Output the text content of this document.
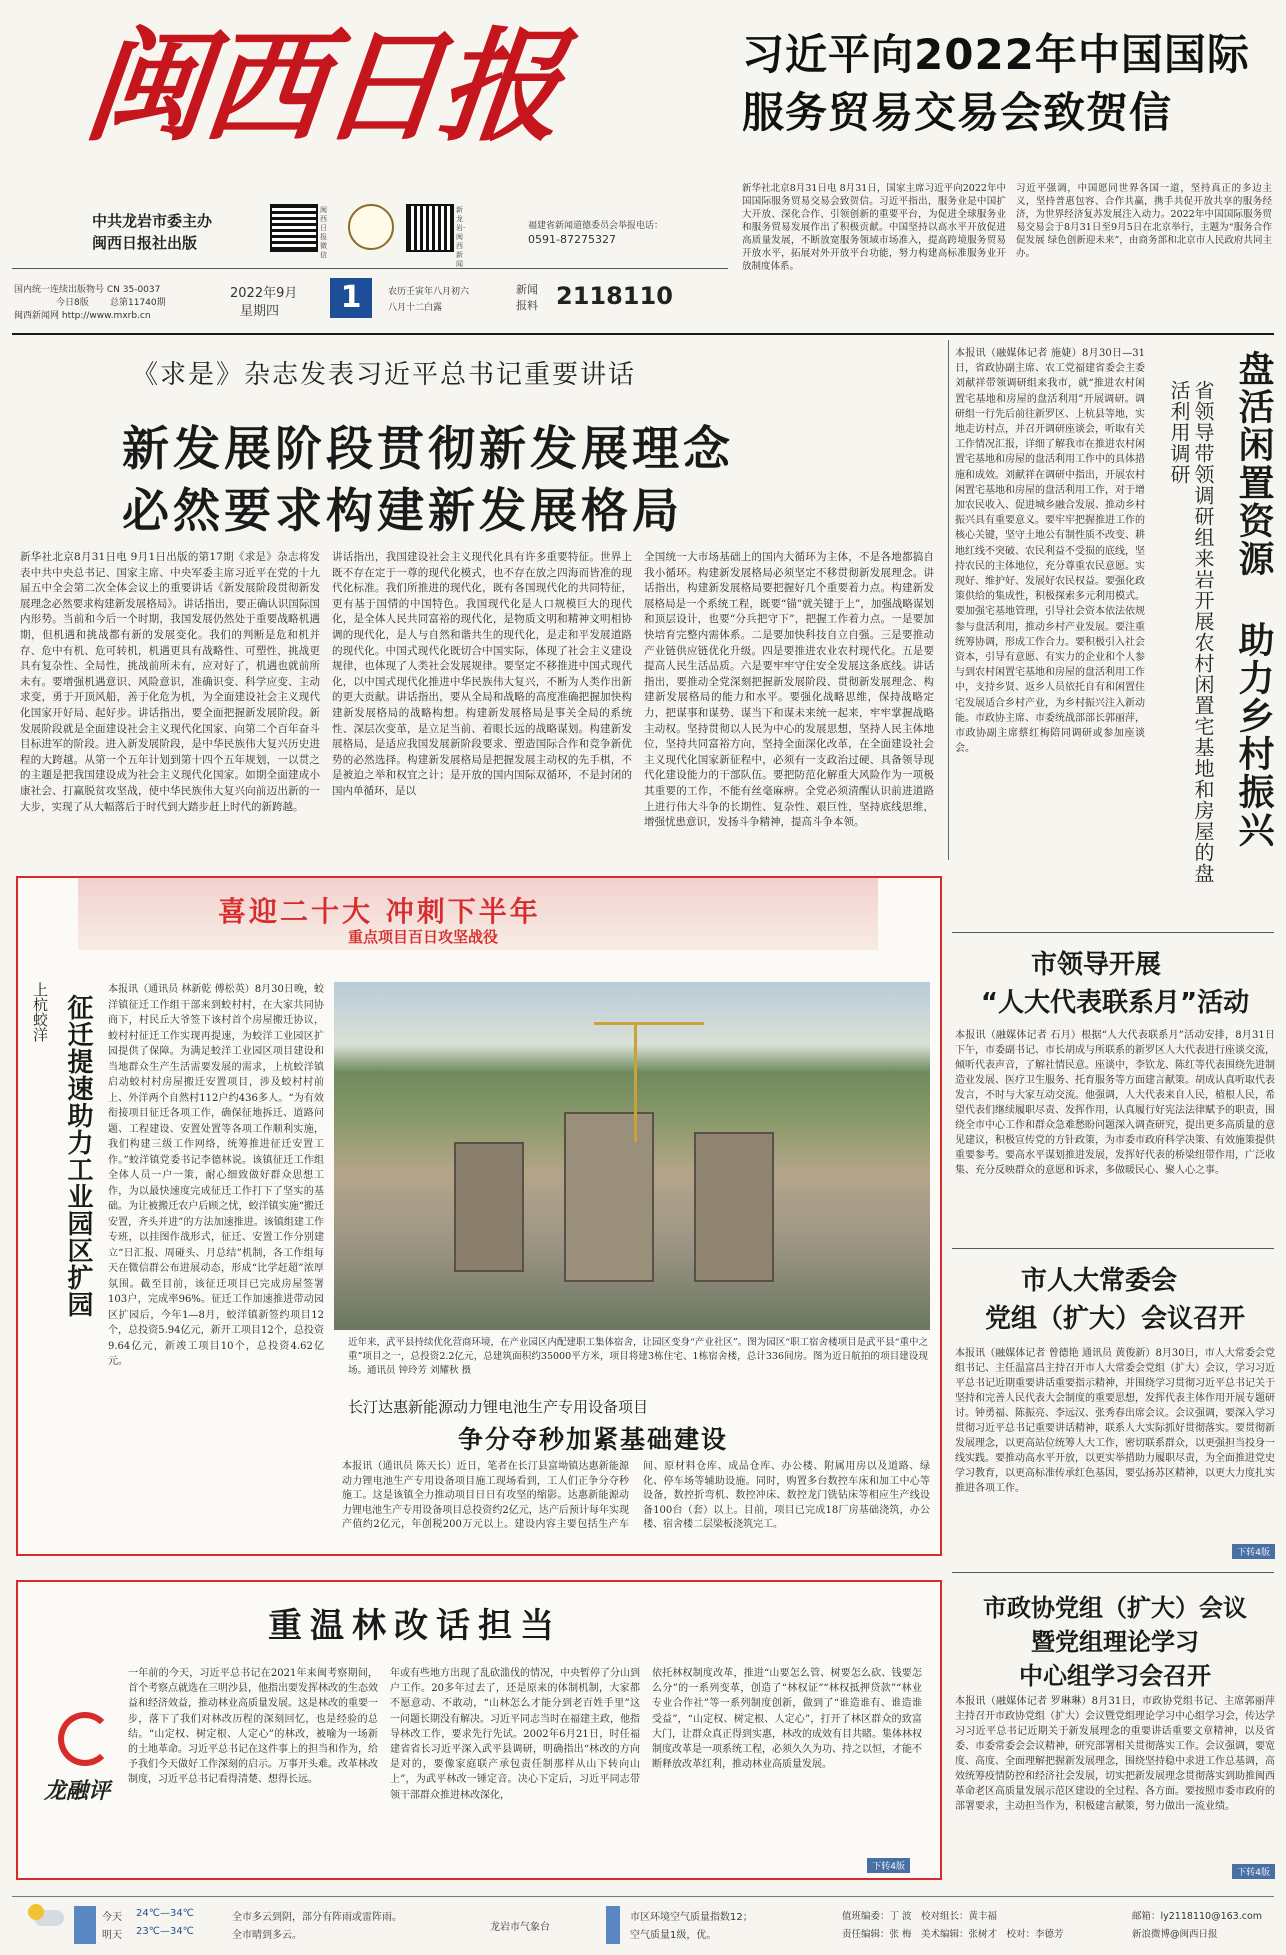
闽西日报
中共龙岩市委主办
闽西日报社出版
闽西日报微信
新龙岩·闽西新闻
福建省新闻道德委员会举报电话：
0591-87275327
习近平向2022年中国国际服务贸易交易会致贺信
新华社北京8月31日电 8月31日，国家主席习近平向2022年中国国际服务贸易交易会致贺信。习近平指出，服务业是中国扩大开放、深化合作、引领创新的重要平台，为促进全球服务业和服务贸易发展作出了积极贡献。中国坚持以高水平开放促进高质量发展，不断放宽服务领域市场准入，提高跨境服务贸易开放水平，拓展对外开放平台功能，努力构建高标准服务业开放制度体系。
习近平强调，中国愿同世界各国一道，坚持真正的多边主义，坚持普惠包容、合作共赢，携手共促开放共享的服务经济，为世界经济复苏发展注入动力。2022年中国国际服务贸易交易会于8月31日至9月5日在北京举行，主题为“服务合作促发展 绿色创新迎未来”，由商务部和北京市人民政府共同主办。
国内统一连续出版物号 CN 35-0037
今日8版 总第11740期
闽西新闻网 http://www.mxrb.cn
2022年9月
星期四	1	农历壬寅年八月初六
八月十二白露
新闻报料 2118110
《求是》杂志发表习近平总书记重要讲话
新发展阶段贯彻新发展理念
必然要求构建新发展格局
新华社北京8月31日电 9月1日出版的第17期《求是》杂志将发表中共中央总书记、国家主席、中央军委主席习近平在党的十九届五中全会第二次全体会议上的重要讲话《新发展阶段贯彻新发展理念必然要求构建新发展格局》。讲话指出，要正确认识国际国内形势。当前和今后一个时期，我国发展仍然处于重要战略机遇期，但机遇和挑战都有新的发展变化。我们的判断是危和机并存、危中有机、危可转机，机遇更具有战略性、可塑性，挑战更具有复杂性、全局性，挑战前所未有，应对好了，机遇也就前所未有。要增强机遇意识、风险意识，准确识变、科学应变、主动求变，勇于开顶风船，善于化危为机，为全面建设社会主义现代化国家开好局、起好步。讲话指出，要全面把握新发展阶段。新发展阶段就是全面建设社会主义现代化国家、向第二个百年奋斗目标进军的阶段。进入新发展阶段，是中华民族伟大复兴历史进程的大跨越。从第一个五年计划到第十四个五年规划，一以贯之的主题是把我国建设成为社会主义现代化国家。如期全面建成小康社会、打赢脱贫攻坚战，使中华民族伟大复兴向前迈出新的一大步，实现了从大幅落后于时代到大踏步赶上时代的新跨越。
讲话指出，我国建设社会主义现代化具有许多重要特征。世界上既不存在定于一尊的现代化模式，也不存在放之四海而皆准的现代化标准。我们所推进的现代化，既有各国现代化的共同特征，更有基于国情的中国特色。我国现代化是人口规模巨大的现代化，是全体人民共同富裕的现代化，是物质文明和精神文明相协调的现代化，是人与自然和谐共生的现代化，是走和平发展道路的现代化。中国式现代化既切合中国实际，体现了社会主义建设规律，也体现了人类社会发展规律。要坚定不移推进中国式现代化，以中国式现代化推进中华民族伟大复兴，不断为人类作出新的更大贡献。讲话指出，要从全局和战略的高度准确把握加快构建新发展格局的战略构想。构建新发展格局是事关全局的系统性、深层次变革，是立足当前、着眼长远的战略谋划。构建新发展格局，是适应我国发展新阶段要求、塑造国际合作和竞争新优势的必然选择。构建新发展格局是把握发展主动权的先手棋，不是被迫之举和权宜之计；是开放的国内国际双循环，不是封闭的国内单循环，是以
全国统一大市场基础上的国内大循环为主体，不是各地都搞自我小循环。构建新发展格局必须坚定不移贯彻新发展理念。讲话指出，构建新发展格局要把握好几个重要着力点。构建新发展格局是一个系统工程，既要“锚”就关键于上”，加强战略谋划和顶层设计，也要“分兵把守下”，把握工作着力点。一是要加快培育完整内需体系。二是要加快科技自立自强。三是要推动产业链供应链优化升级。四是要推进农业农村现代化。五是要提高人民生活品质。六是要牢牢守住安全发展这条底线。讲话指出，要推动全党深刻把握新发展阶段、贯彻新发展理念、构建新发展格局的能力和水平。要强化战略思维，保持战略定力，把谋事和谋势、谋当下和谋未来统一起来，牢牢掌握战略主动权。坚持贯彻以人民为中心的发展思想，坚持人民主体地位，坚持共同富裕方向，坚持全面深化改革，在全面建设社会主义现代化国家新征程中，必须有一支政治过硬、具备领导现代化建设能力的干部队伍。要把防范化解重大风险作为一项极其重要的工作，不能有丝毫麻痹。全党必须清醒认识前进道路上进行伟大斗争的长期性、复杂性、艰巨性，坚持底线思维，增强忧患意识，发扬斗争精神，提高斗争本领。	盘活闲置资源 助力乡村振兴
省领导带领调研组来岩开展农村闲置宅基地和房屋的盘活利用调研
本报讯（融媒体记者 施婕）8月30日—31日，省政协副主席、农工党福建省委会主委刘献祥带领调研组来我市，就“推进农村闲置宅基地和房屋的盘活利用”开展调研。调研组一行先后前往新罗区、上杭县等地，实地走访村点，并召开调研座谈会，听取有关工作情况汇报，详细了解我市在推进农村闲置宅基地和房屋的盘活利用工作中的具体措施和成效。刘献祥在调研中指出，开展农村闲置宅基地和房屋的盘活利用工作，对于增加农民收入、促进城乡融合发展、推动乡村振兴具有重要意义。要牢牢把握推进工作的核心关键，坚守土地公有制性质不改变、耕地红线不突破、农民利益不受损的底线，坚持农民的主体地位，充分尊重农民意愿。实现好、维护好、发展好农民权益。要强化政策供给的集成性，积极探索多元利用模式。要加强宅基地管理，引导社会资本依法依规参与盘活利用，推动乡村产业发展。要注重统筹协调，形成工作合力。要积极引入社会资本，引导有意愿、有实力的企业和个人参与到农村闲置宅基地和房屋的盘活利用工作中，支持乡贤、返乡人员依托自有和闲置住宅发展适合乡村产业，为乡村振兴注入新动能。市政协主席、市委统战部部长郭丽萍，市政协副主席蔡红梅陪同调研或参加座谈会。
喜迎二十大 冲刺下半年
重点项目百日攻坚战役
上杭蛟洋 征迁提速助力工业园区扩园
本报讯（通讯员 林新乾 傅松英）8月30日晚，蛟洋镇征迁工作组干部来到蛟村村，在大家共同协商下，村民丘大爷签下该村首个房屋搬迁协议，蛟村村征迁工作实现再提速，为蛟洋工业园区扩园提供了保障。为满足蛟洋工业园区项目建设和当地群众生产生活需要发展的需求，上杭蛟洋镇启动蛟村村房屋搬迁安置项目，涉及蛟村村前上、外洋两个自然村112户约436多人。“为有效衔接项目征迁各项工作，确保征地拆迁、道路问题、工程建设、安置处置等各项工作顺利实施，我们构建三级工作网络，统筹推进征迁安置工作。”蛟洋镇党委书记李德林说。该镇征迁工作组全体人员一户一策，耐心细致做好群众思想工作，为以最快速度完成征迁工作打下了坚实的基础。为让被搬迁农户后顾之忧，蛟洋镇实施“搬迁安置，齐头并进”的方法加速推进。该镇组建工作专班，以挂图作战形式，征迁、安置工作分别建立“日汇报、周碰头、月总结”机制，各工作组每天在微信群公布进展动态，形成“比学赶超”浓厚氛围。截至目前，该征迁项目已完成房屋签署103户，完成率96%。征迁工作加速推进带动园区扩园后，今年1—8月，蛟洋镇新签约项目12个，总投资5.94亿元，新开工项目12个，总投资9.64亿元，新竣工项目10个，总投资4.62亿元。
近年来，武平县持续优化营商环境，在产业园区内配建职工集体宿舍，让园区变身“产业社区”。图为园区“职工宿舍楼项目是武平县“重中之重”项目之一，总投资2.2亿元，总建筑面积约35000平方米，项目将建3栋住宅、1栋宿舍楼，总计336间房。图为近日航拍的项目建设现场。通讯员 钟玲芳 刘耀秋 摄
长汀达惠新能源动力锂电池生产专用设备项目
争分夺秒加紧基础建设
本报讯（通讯员 陈天长）近日，笔者在长汀县富坳镇达惠新能源动力锂电池生产专用设备项目施工现场看到，工人们正争分夺秒施工。这是该镇全力推动项目日日有攻坚的缩影。达惠新能源动力锂电池生产专用设备项目总投资约2亿元，达产后预计每年实现产值约2亿元，年创税200万元以上。建设内容主要包括生产车间、原材料仓库、成品仓库、办公楼、附属用房以及道路、绿化、停车场等辅助设施。同时，购置多台数控车床和加工中心等设备，数控折弯机、数控冲床、数控龙门铣钻床等相应生产线设备100台（套）以上。目前，项目已完成18厂房基础浇筑，办公楼、宿舍楼二层梁板浇筑完工。
市领导开展
“人大代表联系月”活动
本报讯（融媒体记者 石月）根据“人大代表联系月”活动安排，8月31日下午，市委副书记、市长胡成与所联系的新罗区人大代表进行座谈交流，倾听代表声音，了解社情民意。座谈中，李钦龙、陈红等代表围绕先进制造业发展、医疗卫生服务、托育服务等方面建言献策。胡成认真听取代表发言，不时与大家互动交流。他强调，人大代表来自人民，植根人民，希望代表们继续履职尽责、发挥作用，认真履行好宪法法律赋予的职责，围绕全市中心工作和群众急难愁盼问题深入调查研究，提出更多高质量的意见建议，积极宣传党的方针政策，为市委市政府科学决策、有效施策提供重要参考。要高水平谋划推进发展，发挥好代表的桥梁纽带作用，广泛收集、充分反映群众的意愿和诉求，多做暖民心、聚人心之事。
市人大常委会
党组（扩大）会议召开
本报讯（融媒体记者 曾德艳 通讯员 黄俊新）8月30日，市人大常委会党组书记、主任温富昌主持召开市人大常委会党组（扩大）会议，学习习近平总书记近期重要讲话重要指示精神，并围绕学习贯彻习近平总书记关于坚持和完善人民代表大会制度的重要思想，发挥代表主体作用开展专题研讨。钟勇福、陈振亮、李远汉、张秀春出席会议。会议强调，要深入学习贯彻习近平总书记重要讲话精神，联系人大实际抓好贯彻落实。要贯彻新发展理念，以更高站位统筹人大工作，密切联系群众，以更强担当投身一线实践。要推动高水平开放，以更实举措助力履职尽责，为全面推进党史学习教育，以更高标准传承红色基因，要弘扬苏区精神，以更大力度扎实推进各项工作。
下转4版
重温林改话担当
龙融评
一年前的今天，习近平总书记在2021年来闽考察期间，首个考察点就选在三明沙县，他指出要发挥林改的生态效益和经济效益，推动林业高质量发展。这是林改的重要一步，落下了我们对林改历程的深刻回忆，也是经验的总结。“山定权、树定根、人定心”的林改，被喻为一场新的土地革命。习近平总书记在这件事上的担当和作为，给予我们今天做好工作深刻的启示。万事开头难。改革林改制度，习近平总书记看得清楚、想得长远。
年或有些地方出现了乱砍滥伐的情况，中央暂停了分山到户工作。20多年过去了，还是原来的体制机制，大家都不愿意动、不敢动，“山林怎么才能分到老百姓手里”这一问题长期没有解决。习近平同志当时在福建主政，他指导林改工作，要求先行先试。2002年6月21日，时任福建省省长习近平深入武平县调研，明确指出“林改的方向是对的，要像家庭联产承包责任制那样从山下转向山上”，为武平林改一锤定音。决心下定后，习近平同志带领干部群众推进林改深化，
依托林权制度改革，推进“山要怎么管、树要怎么砍、钱要怎么分”的一系列变革，创造了“林权证”“林权抵押贷款”“林业专业合作社”等一系列制度创新，做到了“谁造谁有、谁造谁受益”，“山定权、树定根、人定心”，打开了林区群众的致富大门，让群众真正得到实惠，林改的成效有目共睹。集体林权制度改革是一项系统工程，必须久久为功、持之以恒，才能不断释放改革红利，推动林业高质量发展。
下转4版
市政协党组（扩大）会议
暨党组理论学习
中心组学习会召开
本报讯（融媒体记者 罗琳琳）8月31日，市政协党组书记、主席郭丽萍主持召开市政协党组（扩大）会议暨党组理论学习中心组学习会，传达学习习近平总书记近期关于新发展理念的重要讲话重要文章精神，以及省委、市委常委会会议精神，研究部署相关贯彻落实工作。会议强调，要宽度、高度、全面理解把握新发展理念，围绕坚持稳中求进工作总基调，高效统筹疫情防控和经济社会发展，切实把新发展理念贯彻落实到助推闽西革命老区高质量发展示范区建设的全过程、各方面。要按照市委市政府的部署要求，主动担当作为，积极建言献策，努力做出一流业绩。
下转4版
今天 24℃—34℃	全市多云到阴，部分有阵雨或雷阵雨。
明天 23℃—34℃	全市晴到多云。
龙岩市气象台
市区环境空气质量指数12；
空气质量1级，优。
值班编委：丁 波　校对组长：黄丰福
责任编辑：张 梅　美术编辑：张树才　校对：李德芳
邮箱：ly2118110@163.com
新浪微博@闽西日报
